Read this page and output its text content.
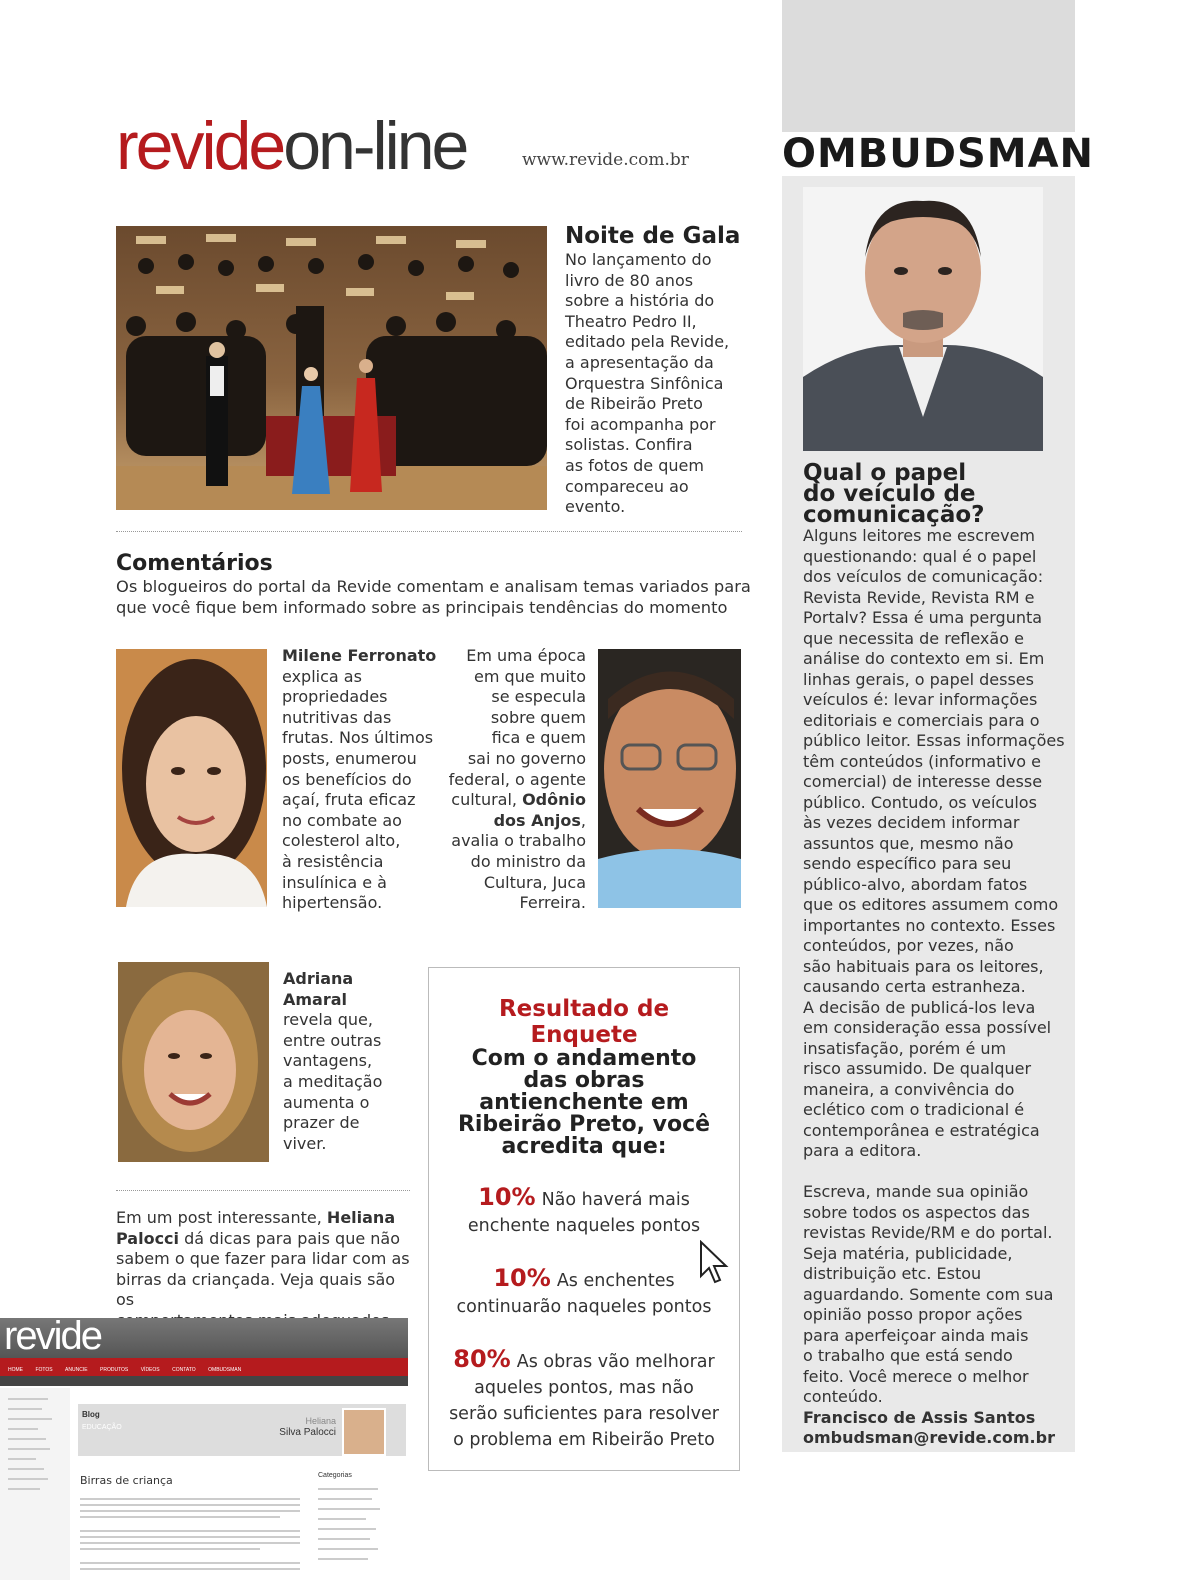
OMBUDSMAN
revideon-line	www.revide.com.br
Noite de Gala
No lançamento do
livro de 80 anos
sobre a história do
Theatro Pedro II,
editado pela Revide,
a apresentação da
Orquestra Sinfônica
de Ribeirão Preto
foi acompanha por
solistas. Confira
as fotos de quem
compareceu ao
evento.
Comentários
Os blogueiros do portal da Revide comentam e analisam temas variados para
que você fique bem informado sobre as principais tendências do momento
Milene Ferronato
explica as
propriedades
nutritivas das
frutas. Nos últimos
posts, enumerou
os benefícios do
açaí, fruta eficaz
no combate ao
colesterol alto,
à resistência
insulínica e à
hipertensão.
Em uma época
em que muito
se especula
sobre quem
fica e quem
sai no governo
federal, o agente
cultural, Odônio
dos Anjos,
avalia o trabalho
do ministro da
Cultura, Juca
Ferreira.
Adriana
Amaral
revela que,
entre outras
vantagens,
a meditação
aumenta o
prazer de
viver.
Em um post interessante, Heliana
Palocci dá dicas para pais que não
sabem o que fazer para lidar com as
birras da criançada. Veja quais são os
revide
HOME FOTOS ANUNCIE PRODUTOS VÍDEOS CONTATO OMBUDSMAN
Blog
EDUCAÇÃO
Heliana
Silva Palocci
Birras de criança	Categorias
Resultado de Enquete
Com o andamento
das obras
antienchente em
Ribeirão Preto, você
acredita que:
10% Não haverá mais
enchente naqueles pontos
10% As enchentes
continuarão naqueles pontos
80% As obras vão melhorar
aqueles pontos, mas não
serão suficientes para resolver
o problema em Ribeirão Preto
Qual o papel
do veículo de
comunicação?
Alguns leitores me escrevem
questionando: qual é o papel
dos veículos de comunicação:
Revista Revide, Revista RM e
Portalv? Essa é uma pergunta
que necessita de reflexão e
análise do contexto em si. Em
linhas gerais, o papel desses
veículos é: levar informações
editoriais e comerciais para o
público leitor. Essas informações
têm conteúdos (informativo e
comercial) de interesse desse
público. Contudo, os veículos
às vezes decidem informar
assuntos que, mesmo não
sendo específico para seu
público-alvo, abordam fatos
que os editores assumem como
importantes no contexto. Esses
conteúdos, por vezes, não
são habituais para os leitores,
causando certa estranheza.
A decisão de publicá-los leva
em consideração essa possível
insatisfação, porém é um
risco assumido. De qualquer
maneira, a convivência do
eclético com o tradicional é
contemporânea e estratégica
para a editora.
Escreva, mande sua opinião
sobre todos os aspectos das
revistas Revide/RM e do portal.
Seja matéria, publicidade,
distribuição etc. Estou
aguardando. Somente com sua
opinião posso propor ações
para aperfeiçoar ainda mais
o trabalho que está sendo
feito. Você merece o melhor
conteúdo.
Francisco de Assis Santos
ombudsman@revide.com.br
